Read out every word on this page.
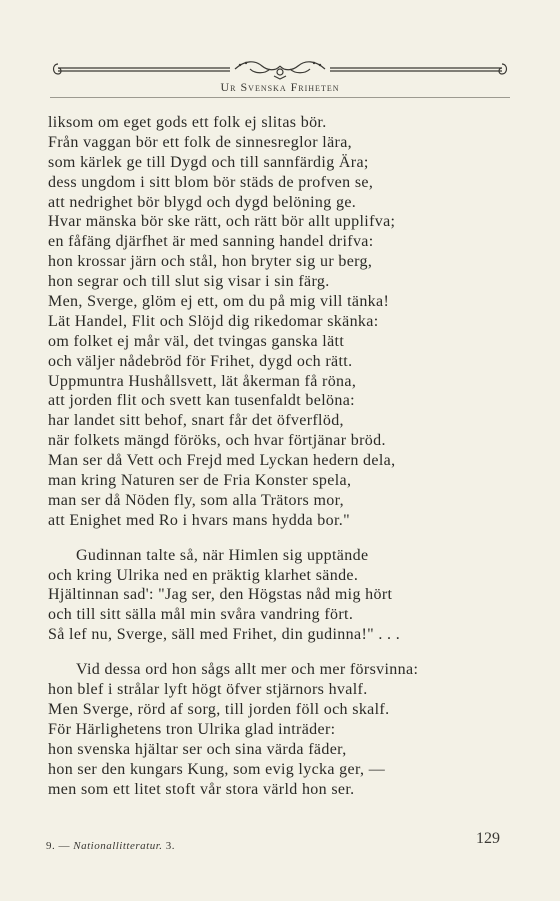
Ur Svenska Friheten
liksom om eget gods ett folk ej slitas bör.
Från vaggan bör ett folk de sinnesreglor lära,
som kärlek ge till Dygd och till sannfärdig Ära;
dess ungdom i sitt blom bör städs de profven se,
att nedrighet bör blygd och dygd belöning ge.
Hvar mänska bör ske rätt, och rätt bör allt upplifva;
en fåfäng djärfhet är med sanning handel drifva:
hon krossar järn och stål, hon bryter sig ur berg,
hon segrar och till slut sig visar i sin färg.
Men, Sverge, glöm ej ett, om du på mig vill tänka!
Lät Handel, Flit och Slöjd dig rikedomar skänka:
om folket ej mår väl, det tvingas ganska lätt
och väljer nådebröd för Frihet, dygd och rätt.
Uppmuntra Hushållsvett, lät åkerman få röna,
att jorden flit och svett kan tusenfaldt belöna:
har landet sitt behof, snart får det öfverflöd,
när folkets mängd föröks, och hvar förtjänar bröd.
Man ser då Vett och Frejd med Lyckan hedern dela,
man kring Naturen ser de Fria Konster spela,
man ser då Nöden fly, som alla Trätors mor,
att Enighet med Ro i hvars mans hydda bor."
Gudinnan talte så, när Himlen sig upptände
och kring Ulrika ned en präktig klarhet sände.
Hjältinnan sad': "Jag ser, den Högstas nåd mig hört
och till sitt sälla mål min svåra vandring fört.
Så lef nu, Sverge, säll med Frihet, din gudinna!" . . .
Vid dessa ord hon sågs allt mer och mer försvinna:
hon blef i strålar lyft högt öfver stjärnors hvalf.
Men Sverge, rörd af sorg, till jorden föll och skalf.
För Härlighetens tron Ulrika glad inträder:
hon svenska hjältar ser och sina värda fäder,
hon ser den kungars Kung, som evig lycka ger, —
men som ett litet stoft vår stora värld hon ser.
9. — Nationallitteratur. 3.	129
